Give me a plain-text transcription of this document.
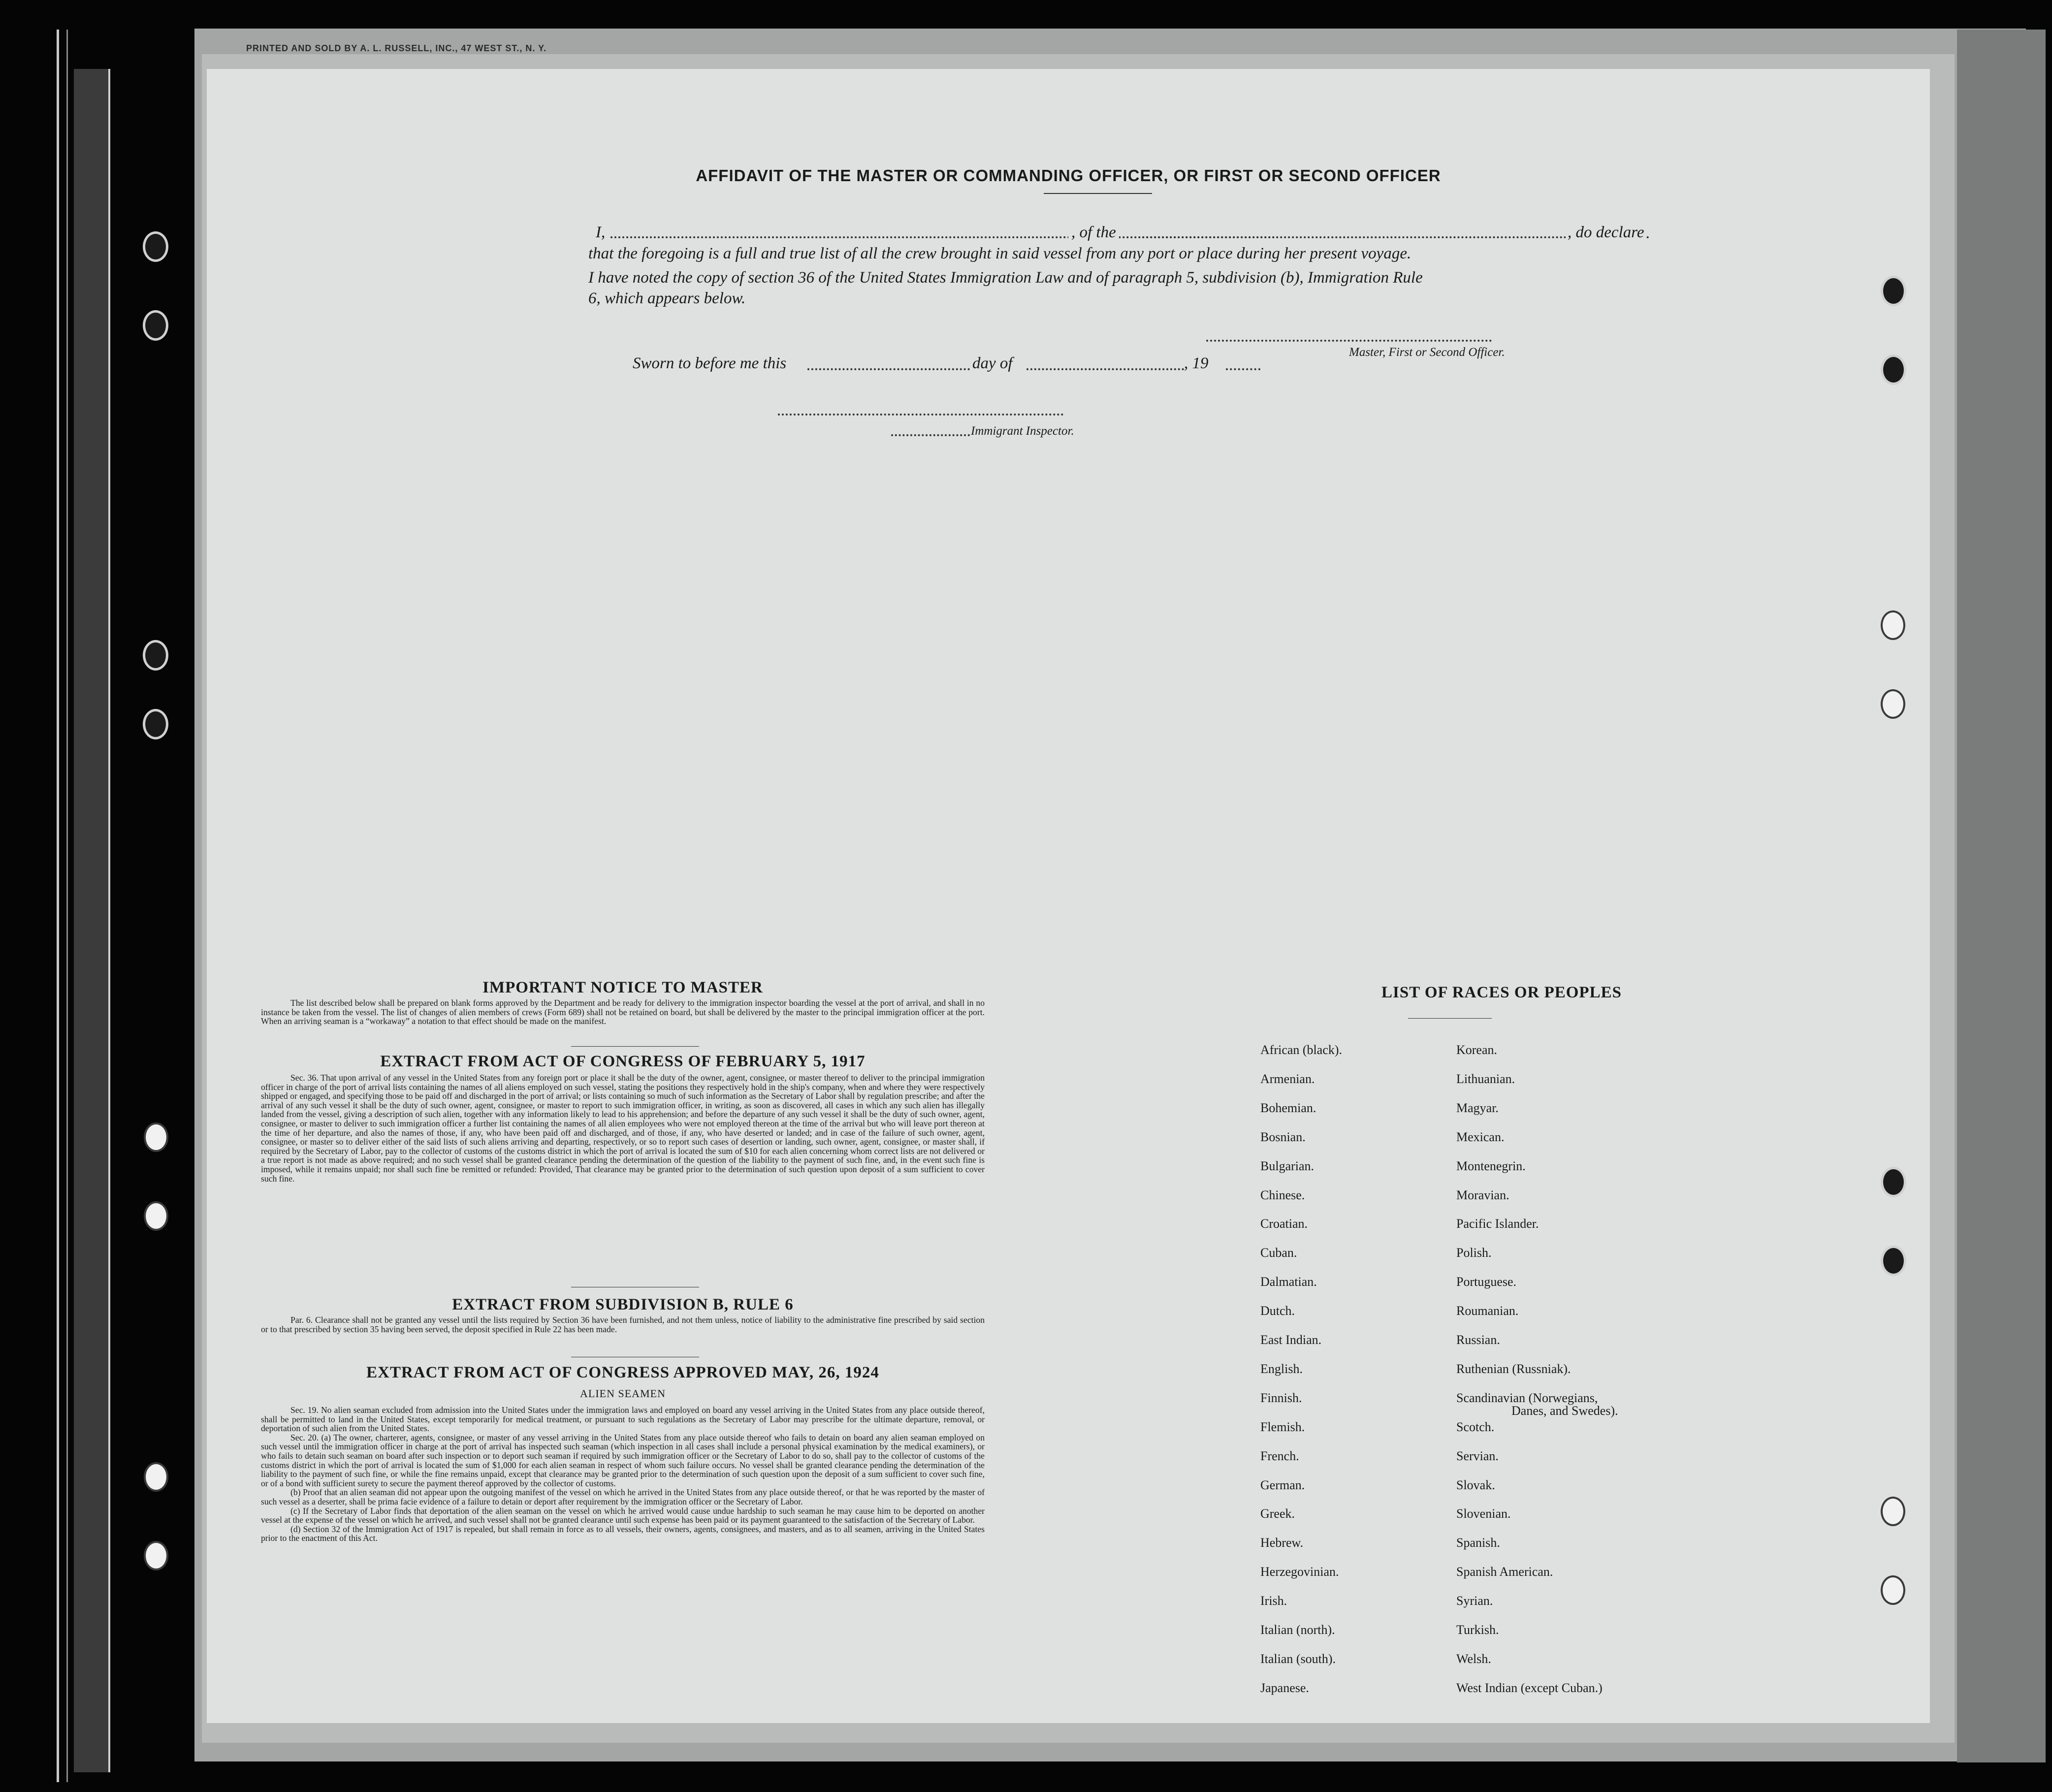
PRINTED AND SOLD BY A. L. RUSSELL, INC., 47 WEST ST., N. Y.
AFFIDAVIT OF THE MASTER OR COMMANDING OFFICER, OR FIRST OR SECOND OFFICER
I,	, of the	, do declare
that the foregoing is a full and true list of all the crew brought in said vessel from any port or place during her present voyage.
I have noted the copy of section 36 of the United States Immigration Law and of paragraph 5, subdivision (b), Immigration Rule
6, which appears below.
Master, First or Second Officer.
Sworn to before me this	day of	, 19
Immigrant Inspector.
IMPORTANT NOTICE TO MASTER

The list described below shall be prepared on blank forms approved by the Department and be ready for delivery to the immigration inspector boarding the vessel at the port of arrival, and shall in no instance be taken from the vessel. The list of changes of alien members of crews (Form 689) shall not be retained on board, but shall be delivered by the master to the principal immigration officer at the port. When an arriving seaman is a “workaway” a notation to that effect should be made on the manifest.

EXTRACT FROM ACT OF CONGRESS OF FEBRUARY 5, 1917

Sec. 36. That upon arrival of any vessel in the United States from any foreign port or place it shall be the duty of the owner, agent, consignee, or master thereof to deliver to the principal immigration officer in charge of the port of arrival lists containing the names of all aliens employed on such vessel, stating the positions they respectively hold in the ship's company, when and where they were respectively shipped or engaged, and specifying those to be paid off and discharged in the port of arrival; or lists containing so much of such information as the Secretary of Labor shall by regulation prescribe; and after the arrival of any such vessel it shall be the duty of such owner, agent, consignee, or master to report to such immigration officer, in writing, as soon as discovered, all cases in which any such alien has illegally landed from the vessel, giving a description of such alien, together with any information likely to lead to his apprehension; and before the departure of any such vessel it shall be the duty of such owner, agent, consignee, or master to deliver to such immigration officer a further list containing the names of all alien employees who were not employed thereon at the time of the arrival but who will leave port thereon at the time of her departure, and also the names of those, if any, who have been paid off and discharged, and of those, if any, who have deserted or landed; and in case of the failure of such owner, agent, consignee, or master so to deliver either of the said lists of such aliens arriving and departing, respectively, or so to report such cases of desertion or landing, such owner, agent, consignee, or master shall, if required by the Secretary of Labor, pay to the collector of customs of the customs district in which the port of arrival is located the sum of $10 for each alien concerning whom correct lists are not delivered or a true report is not made as above required; and no such vessel shall be granted clearance pending the determination of the question of the liability to the payment of such fine, and, in the event such fine is imposed, while it remains unpaid; nor shall such fine be remitted or refunded: Provided, That clearance may be granted prior to the determination of such question upon deposit of a sum sufficient to cover such fine.

EXTRACT FROM SUBDIVISION B, RULE 6

Par. 6. Clearance shall not be granted any vessel until the lists required by Section 36 have been furnished, and not them unless, notice of liability to the administrative fine prescribed by said section or to that prescribed by section 35 having been served, the deposit specified in Rule 22 has been made.

EXTRACT FROM ACT OF CONGRESS APPROVED MAY, 26, 1924
ALIEN SEAMEN

Sec. 19. No alien seaman excluded from admission into the United States under the immigration laws and employed on board any vessel arriving in the United States from any place outside thereof, shall be permitted to land in the United States, except temporarily for medical treatment, or pursuant to such regulations as the Secretary of Labor may prescribe for the ultimate departure, removal, or deportation of such alien from the United States.

Sec. 20. (a) The owner, charterer, agents, consignee, or master of any vessel arriving in the United States from any place outside thereof who fails to detain on board any alien seaman employed on such vessel until the immigration officer in charge at the port of arrival has inspected such seaman (which inspection in all cases shall include a personal physical examination by the medical examiners), or who fails to detain such seaman on board after such inspection or to deport such seaman if required by such immigration officer or the Secretary of Labor to do so, shall pay to the collector of customs of the customs district in which the port of arrival is located the sum of $1,000 for each alien seaman in respect of whom such failure occurs. No vessel shall be granted clearance pending the determination of the liability to the payment of such fine, or while the fine remains unpaid, except that clearance may be granted prior to the determination of such question upon the deposit of a sum sufficient to cover such fine, or of a bond with sufficient surety to secure the payment thereof approved by the collector of customs.

(b) Proof that an alien seaman did not appear upon the outgoing manifest of the vessel on which he arrived in the United States from any place outside thereof, or that he was reported by the master of such vessel as a deserter, shall be prima facie evidence of a failure to detain or deport after requirement by the immigration officer or the Secretary of Labor.

(c) If the Secretary of Labor finds that deportation of the alien seaman on the vessel on which he arrived would cause undue hardship to such seaman he may cause him to be deported on another vessel at the expense of the vessel on which he arrived, and such vessel shall not be granted clearance until such expense has been paid or its payment guaranteed to the satisfaction of the Secretary of Labor.

(d) Section 32 of the Immigration Act of 1917 is repealed, but shall remain in force as to all vessels, their owners, agents, consignees, and masters, and as to all seamen, arriving in the United States prior to the enactment of this Act.

LIST OF RACES OR PEOPLES
African (black).
Armenian.
Bohemian.
Bosnian.
Bulgarian.
Chinese.
Croatian.
Cuban.
Dalmatian.
Dutch.
East Indian.
English.
Finnish.
Flemish.
French.
German.
Greek.
Hebrew.
Herzegovinian.
Irish.
Italian (north).
Italian (south).
Japanese.
Korean.
Lithuanian.
Magyar.
Mexican.
Montenegrin.
Moravian.
Pacific Islander.
Polish.
Portuguese.
Roumanian.
Russian.
Ruthenian (Russniak).
Scandinavian (Norwegians,
Danes, and Swedes).
Scotch.
Servian.
Slovak.
Slovenian.
Spanish.
Spanish American.
Syrian.
Turkish.
Welsh.
West Indian (except Cuban.)
